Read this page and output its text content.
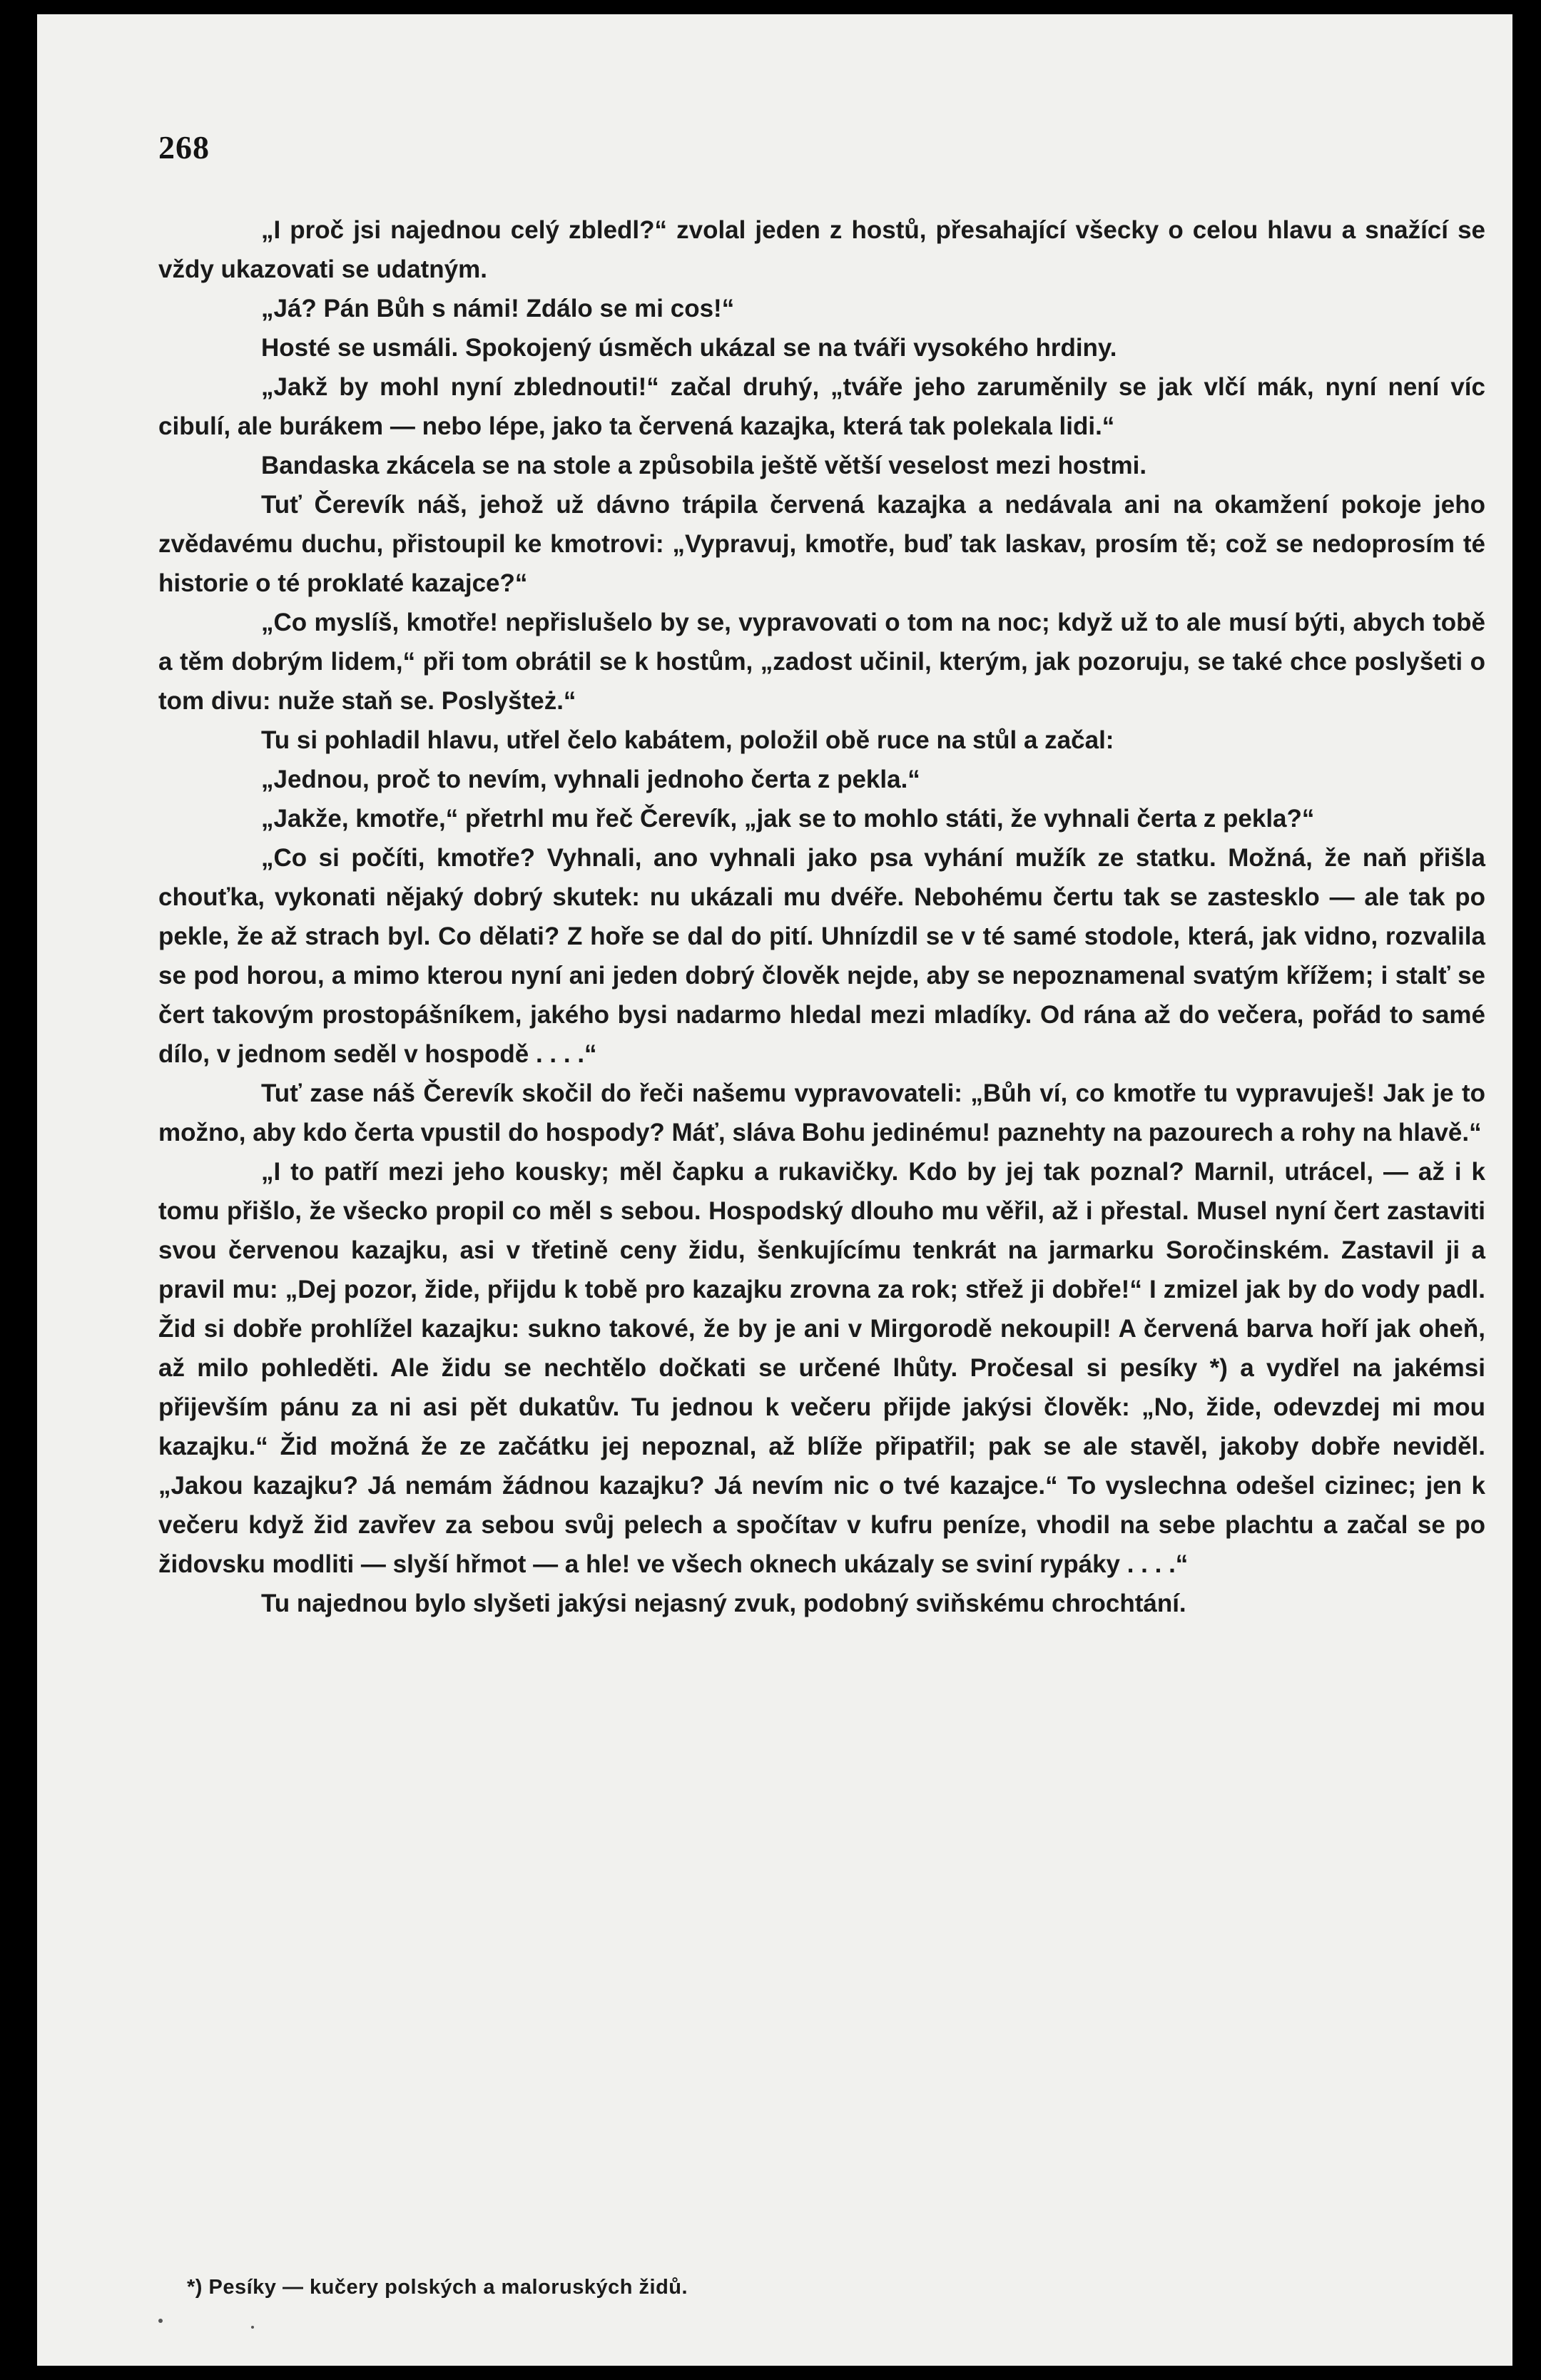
268

„I proč jsi najednou celý zbledl?“ zvolal jeden z hostů, přesahající všecky o celou hlavu a snažící se vždy ukazovati se udatným.

„Já? Pán Bůh s námi! Zdálo se mi cos!“

Hosté se usmáli. Spokojený úsměch ukázal se na tváři vysokého hrdiny.

„Jakž by mohl nyní zblednouti!“ začal druhý, „tváře jeho zaruměnily se jak vlčí mák, nyní není víc cibulí, ale burákem — nebo lépe, jako ta červená kazajka, která tak polekala lidi.“

Bandaska zkácela se na stole a způsobila ještě větší veselost mezi hostmi.

Tuť Čerevík náš, jehož už dávno trápila červená kazajka a nedávala ani na okamžení pokoje jeho zvědavému duchu, přistoupil ke kmotrovi: „Vypravuj, kmotře, buď tak laskav, prosím tě; což se nedoprosím té historie o té proklaté kazajce?“

„Co myslíš, kmotře! nepřislušelo by se, vypravovati o tom na noc; když už to ale musí býti, abych tobě a těm dobrým lidem,“ při tom obrátil se k hostům, „zadost učinil, kterým, jak pozoruju, se také chce poslyšeti o tom divu: nuže staň se. Poslyšteż.“

Tu si pohladil hlavu, utřel čelo kabátem, položil obě ruce na stůl a začal:

„Jednou, proč to nevím, vyhnali jednoho čerta z pekla.“

„Jakže, kmotře,“ přetrhl mu řeč Čerevík, „jak se to mohlo státi, že vyhnali čerta z pekla?“

„Co si počíti, kmotře? Vyhnali, ano vyhnali jako psa vyhání mužík ze statku. Možná, že naň přišla chouťka, vykonati nějaký dobrý skutek: nu ukázali mu dvéře. Nebohému čertu tak se zastesklo — ale tak po pekle, že až strach byl. Co dělati? Z hoře se dal do pití. Uhnízdil se v té samé stodole, která, jak vidno, rozvalila se pod horou, a mimo kterou nyní ani jeden dobrý člověk nejde, aby se nepoznamenal svatým křížem; i stalť se čert takovým prostopášníkem, jakého bysi nadarmo hledal mezi mladíky. Od rána až do večera, pořád to samé dílo, v jednom seděl v hospodě . . . .“

Tuť zase náš Čerevík skočil do řeči našemu vypravovateli: „Bůh ví, co kmotře tu vypravuješ! Jak je to možno, aby kdo čerta vpustil do hospody? Máť, sláva Bohu jedinému! paznehty na pazourech a rohy na hlavě.“

„I to patří mezi jeho kousky; měl čapku a rukavičky. Kdo by jej tak poznal? Marnil, utrácel, — až i k tomu přišlo, že všecko propil co měl s sebou. Hospodský dlouho mu věřil, až i přestal. Musel nyní čert zastaviti svou červenou kazajku, asi v třetině ceny židu, šenkujícímu tenkrát na jarmarku Soročinském. Zastavil ji a pravil mu: „Dej pozor, žide, přijdu k tobě pro kazajku zrovna za rok; střež ji dobře!“ I zmizel jak by do vody padl. Žid si dobře prohlížel kazajku: sukno takové, že by je ani v Mirgorodě nekoupil! A červená barva hoří jak oheň, až milo pohleděti. Ale židu se nechtělo dočkati se určené lhůty. Pročesal si pesíky *) a vydřel na jakémsi přijevším pánu za ni asi pět dukatův. Tu jednou k večeru přijde jakýsi člověk: „No, žide, odevzdej mi mou kazajku.“ Žid možná že ze začátku jej nepoznal, až blíže připatřil; pak se ale stavěl, jakoby dobře neviděl. „Jakou kazajku? Já nemám žádnou kazajku? Já nevím nic o tvé kazajce.“ To vyslechna odešel cizinec; jen k večeru když žid zavřev za sebou svůj pelech a spočítav v kufru peníze, vhodil na sebe plachtu a začal se po židovsku modliti — slyší hřmot — a hle! ve všech oknech ukázaly se sviní rypáky . . . .“

Tu najednou bylo slyšeti jakýsi nejasný zvuk, podobný sviňskému chrochtání.

*) Pesíky — kučery polských a maloruských židů.
